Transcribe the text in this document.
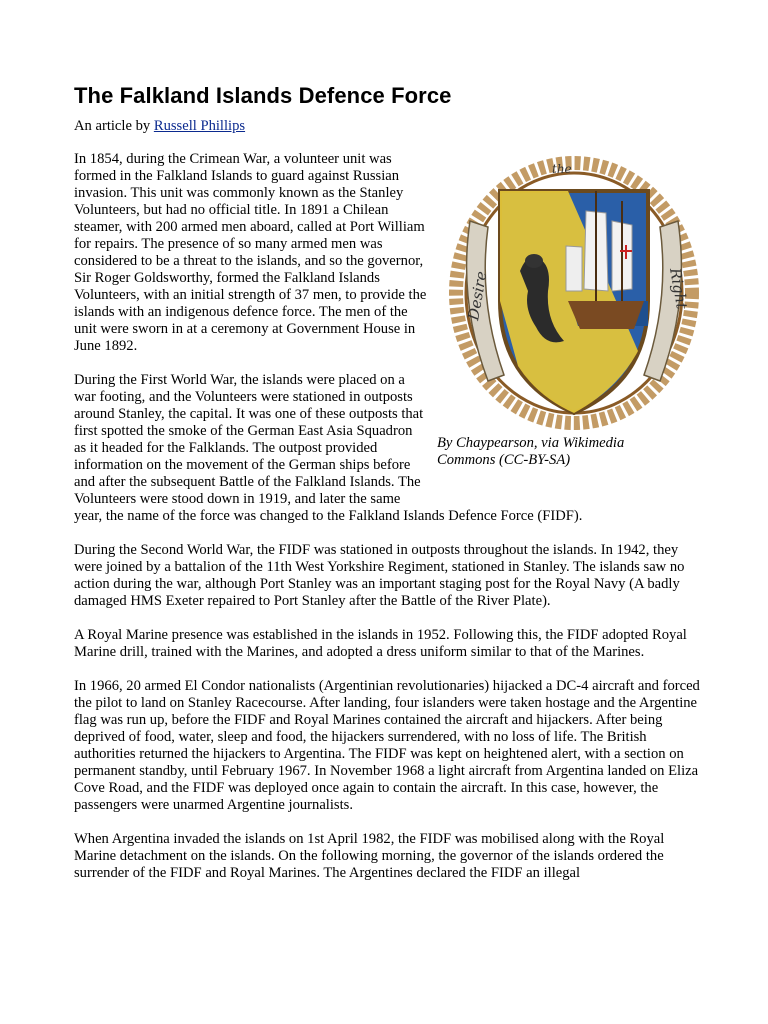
The Falkland Islands Defence Force
An article by Russell Phillips
Desire	Right
the
By Chaypearson, via Wikimedia
Commons (CC-BY-SA)

In 1854, during the Crimean War, a volunteer unit was formed in the Falkland Islands to guard against Russian invasion. This unit was commonly known as the Stanley Volunteers, but had no official title. In 1891 a Chilean steamer, with 200 armed men aboard, called at Port William for repairs. The presence of so many armed men was considered to be a threat to the islands, and so the governor, Sir Roger Goldsworthy, formed the Falkland Islands Volunteers, with an initial strength of 37 men, to provide the islands with an indigenous defence force. The men of the unit were sworn in at a ceremony at Government House in June 1892.

During the First World War, the islands were placed on a war footing, and the Volunteers were stationed in outposts around Stanley, the capital. It was one of these outposts that first spotted the smoke of the German East Asia Squadron as it headed for the Falklands. The outpost provided information on the movement of the German ships before and after the subsequent Battle of the Falkland Islands. The Volunteers were stood down in 1919, and later the same year, the name of the force was changed to the Falkland Islands Defence Force (FIDF).

During the Second World War, the FIDF was stationed in outposts throughout the islands. In 1942, they were joined by a battalion of the 11th West Yorkshire Regiment, stationed in Stanley. The islands saw no action during the war, although Port Stanley was an important staging post for the Royal Navy (A badly damaged HMS Exeter repaired to Port Stanley after the Battle of the River Plate).

A Royal Marine presence was established in the islands in 1952. Following this, the FIDF adopted Royal Marine drill, trained with the Marines, and adopted a dress uniform similar to that of the Marines.

In 1966, 20 armed El Condor nationalists (Argentinian revolutionaries) hijacked a DC-4 aircraft and forced the pilot to land on Stanley Racecourse. After landing, four islanders were taken hostage and the Argentine flag was run up, before the FIDF and Royal Marines contained the aircraft and hijackers. After being deprived of food, water, sleep and food, the hijackers surrendered, with no loss of life. The British authorities returned the hijackers to Argentina. The FIDF was kept on heightened alert, with a section on permanent standby, until February 1967. In November 1968 a light aircraft from Argentina landed on Eliza Cove Road, and the FIDF was deployed once again to contain the aircraft. In this case, however, the passengers were unarmed Argentine journalists.

When Argentina invaded the islands on 1st April 1982, the FIDF was mobilised along with the Royal Marine detachment on the islands. On the following morning, the governor of the islands ordered the surrender of the FIDF and Royal Marines. The Argentines declared the FIDF an illegal
